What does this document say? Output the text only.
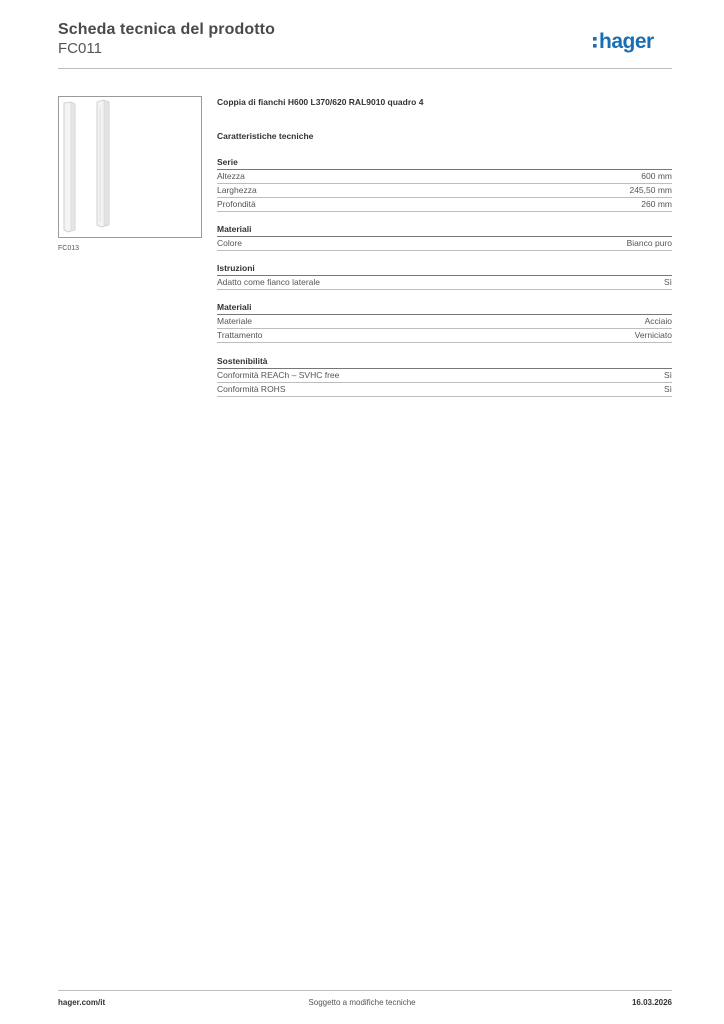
Scheda tecnica del prodotto
FC011	hager
FC013
Coppia di fianchi H600 L370/620 RAL9010 quadro 4
Caratteristiche tecniche
Serie
Altezza	600 mm
Larghezza	245,50 mm
Profondità	260 mm
Materiali
Colore	Bianco puro
Istruzioni
Adatto come fianco laterale	Sì
Materiali
Materiale	Acciaio
Trattamento	Verniciato
Sostenibilità
Conformità REACh – SVHC free	Sì
Conformità ROHS	Sì
hager.com/it	Soggetto a modifiche tecniche	16.03.2026
